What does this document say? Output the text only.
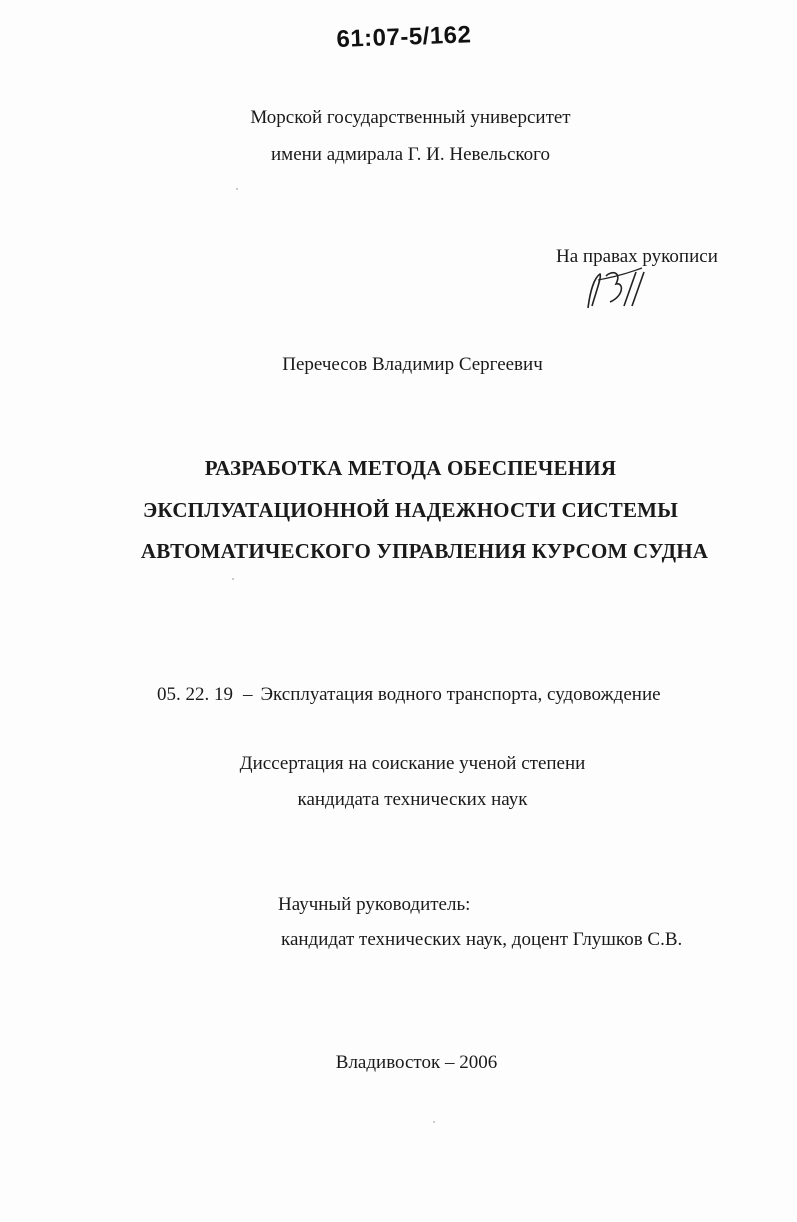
61:07-5/162
Морской государственный университет
имени адмирала Г. И. Невельского
На правах рукописи
Перечесов Владимир Сергеевич
РАЗРАБОТКА МЕТОДА ОБЕСПЕЧЕНИЯ
ЭКСПЛУАТАЦИОННОЙ НАДЕЖНОСТИ СИСТЕМЫ
АВТОМАТИЧЕСКОГО УПРАВЛЕНИЯ КУРСОМ СУДНА
05. 22. 19 – Эксплуатация водного транспорта, судовождение
Диссертация на соискание ученой степени
кандидата технических наук
Научный руководитель:
кандидат технических наук, доцент Глушков С.В.
Владивосток – 2006
